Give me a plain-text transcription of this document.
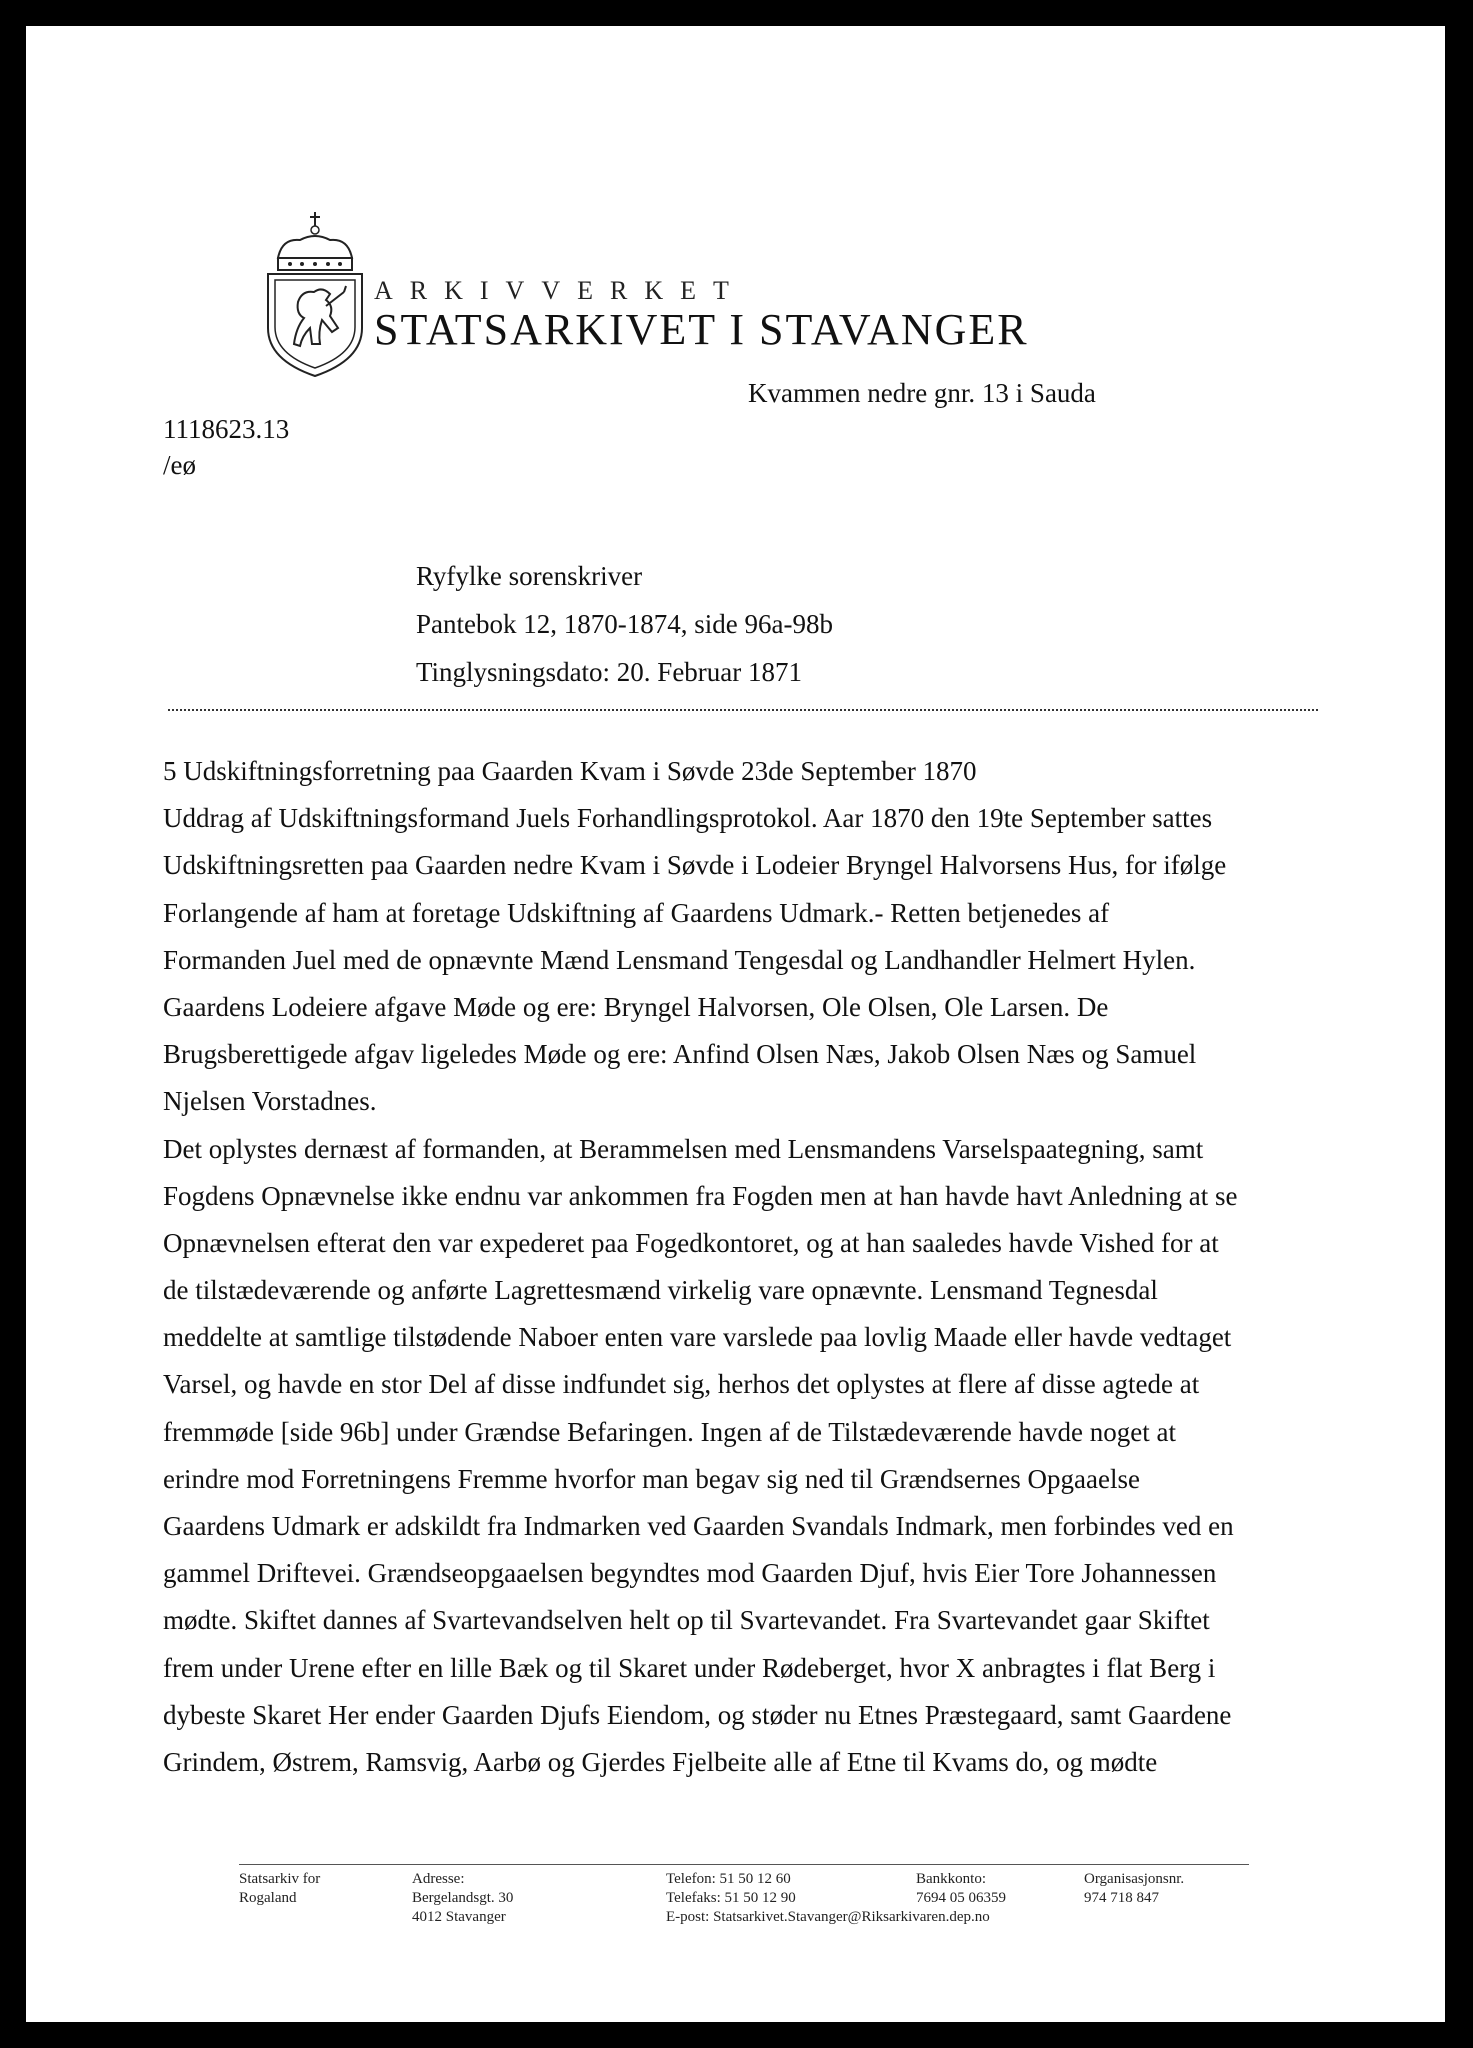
ARKIVVERKET
STATSARKIVET I STAVANGER
Kvammen nedre gnr. 13 i Sauda
1118623.13
/eø
Ryfylke sorenskriver
Pantebok 12, 1870-1874, side 96a-98b
Tinglysningsdato: 20. Februar 1871
5 Udskiftningsforretning paa Gaarden Kvam i Søvde 23de September 1870
Uddrag af Udskiftningsformand Juels Forhandlingsprotokol. Aar 1870 den 19te September sattes
Udskiftningsretten paa Gaarden nedre Kvam i Søvde i Lodeier Bryngel Halvorsens Hus, for ifølge
Forlangende af ham at foretage Udskiftning af Gaardens Udmark.- Retten betjenedes af
Formanden Juel med de opnævnte Mænd Lensmand Tengesdal og Landhandler Helmert Hylen.
Gaardens Lodeiere afgave Møde og ere: Bryngel Halvorsen, Ole Olsen, Ole Larsen. De
Brugsberettigede afgav ligeledes Møde og ere: Anfind Olsen Næs, Jakob Olsen Næs og Samuel
Njelsen Vorstadnes.
Det oplystes dernæst af formanden, at Berammelsen med Lensmandens Varselspaategning, samt
Fogdens Opnævnelse ikke endnu var ankommen fra Fogden men at han havde havt Anledning at se
Opnævnelsen efterat den var expederet paa Fogedkontoret, og at han saaledes havde Vished for at
de tilstædeværende og anførte Lagrettesmænd virkelig vare opnævnte. Lensmand Tegnesdal
meddelte at samtlige tilstødende Naboer enten vare varslede paa lovlig Maade eller havde vedtaget
Varsel, og havde en stor Del af disse indfundet sig, herhos det oplystes at flere af disse agtede at
fremmøde [side 96b] under Grændse Befaringen. Ingen af de Tilstædeværende havde noget at
erindre mod Forretningens Fremme hvorfor man begav sig ned til Grændsernes Opgaaelse
Gaardens Udmark er adskildt fra Indmarken ved Gaarden Svandals Indmark, men forbindes ved en
gammel Driftevei. Grændseopgaaelsen begyndtes mod Gaarden Djuf, hvis Eier Tore Johannessen
mødte. Skiftet dannes af Svartevandselven helt op til Svartevandet. Fra Svartevandet gaar Skiftet
frem under Urene efter en lille Bæk og til Skaret under Rødeberget, hvor X anbragtes i flat Berg i
dybeste Skaret Her ender Gaarden Djufs Eiendom, og støder nu Etnes Præstegaard, samt Gaardene
Grindem, Østrem, Ramsvig, Aarbø og Gjerdes Fjelbeite alle af Etne til Kvams do, og mødte
Statsarkiv for
Rogaland
Adresse:
Bergelandsgt. 30
4012 Stavanger
Telefon: 51 50 12 60
Telefaks: 51 50 12 90
E-post: Statsarkivet.Stavanger@Riksarkivaren.dep.no
Bankkonto:
7694 05 06359
Organisasjonsnr.
974 718 847
